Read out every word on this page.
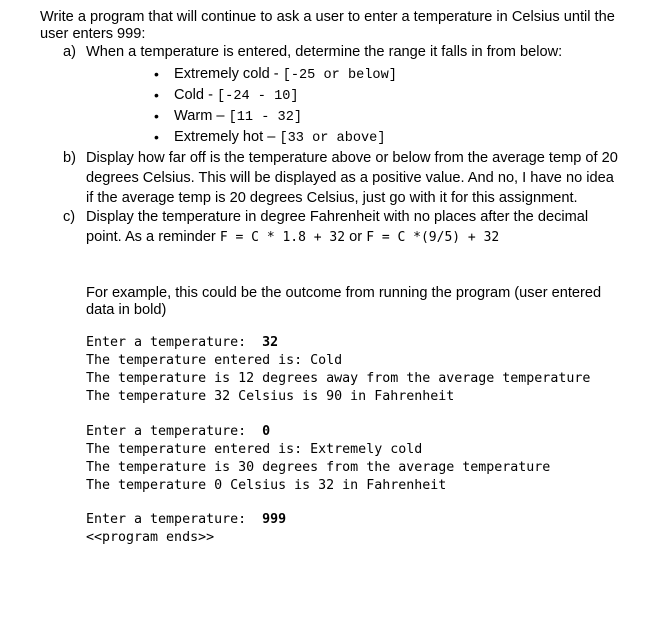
Write a program that will continue to ask a user to enter a temperature in Celsius until the user enters 999:
a) When a temperature is entered, determine the range it falls in from below:
• Extremely cold - [-25 or below]
• Cold - [-24 - 10]
• Warm – [11 - 32]
• Extremely hot – [33 or above]
b) Display how far off is the temperature above or below from the average temp of 20 degrees Celsius. This will be displayed as a positive value. And no, I have no idea if the average temp is 20 degrees Celsius, just go with it for this assignment.
c) Display the temperature in degree Fahrenheit with no places after the decimal point. As a reminder F = C * 1.8 + 32 or F = C *(9/5) + 32
For example, this could be the outcome from running the program (user entered data in bold)
Enter a temperature:  32
The temperature entered is: Cold
The temperature is 12 degrees away from the average temperature
The temperature 32 Celsius is 90 in Fahrenheit
Enter a temperature:  0
The temperature entered is: Extremely cold
The temperature is 30 degrees from the average temperature
The temperature 0 Celsius is 32 in Fahrenheit
Enter a temperature:  999
<<program ends>>
